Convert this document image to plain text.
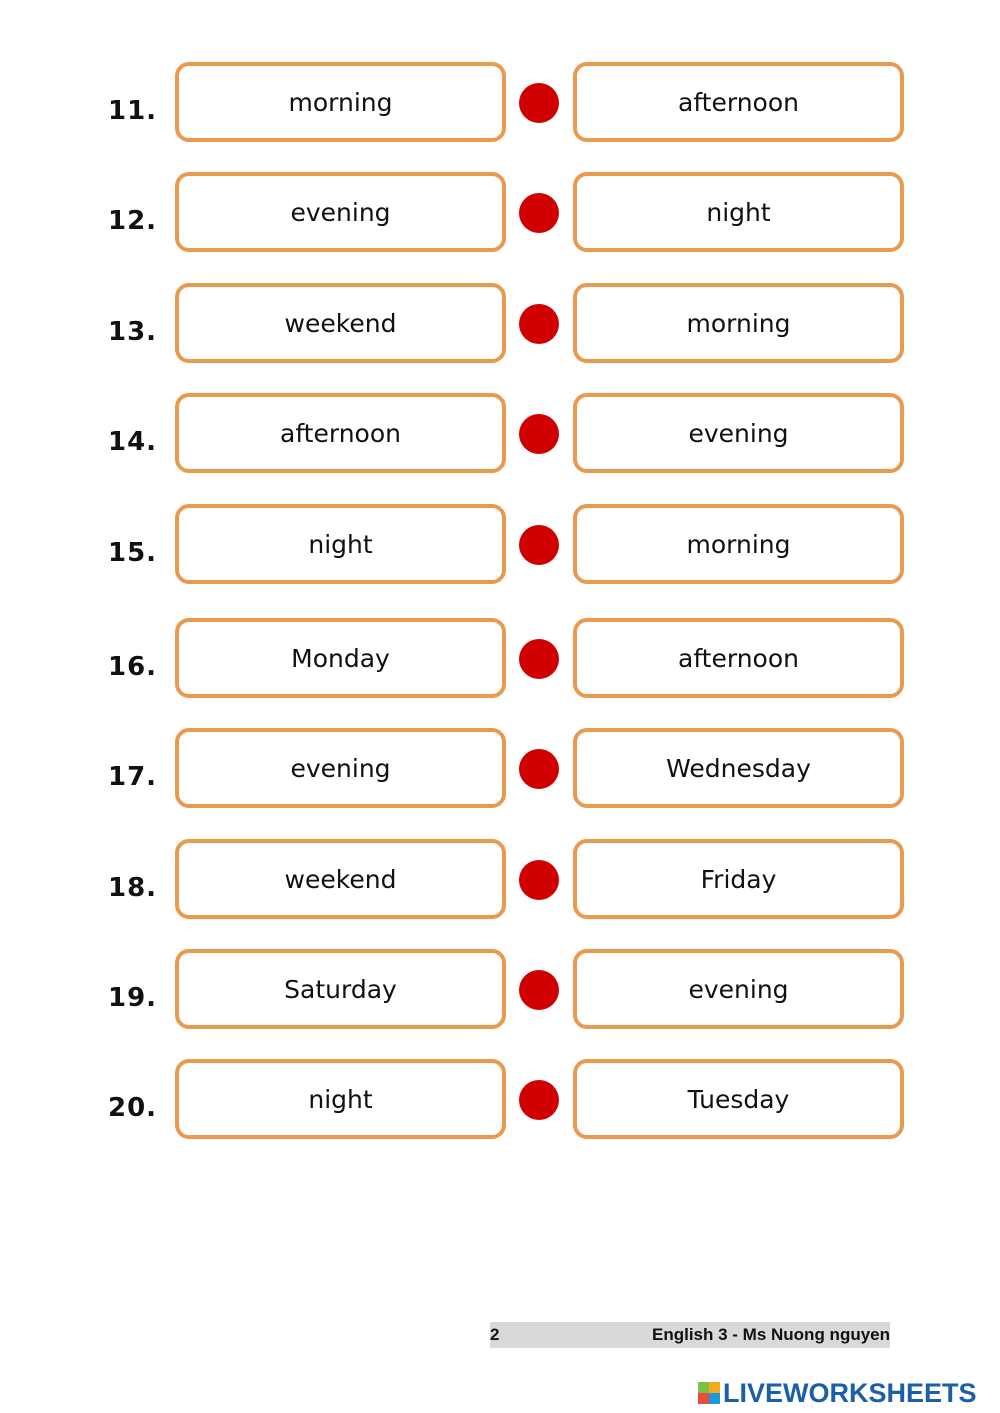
11.	morning	afternoon
12.	evening	night
13.	weekend	morning
14.	afternoon	evening
15.	night	morning
16.	Monday	afternoon
17.	evening	Wednesday
18.	weekend	Friday
19.	Saturday	evening
20.	night	Tuesday
2	English 3 - Ms Nuong nguyen
LIVEWORKSHEETS
